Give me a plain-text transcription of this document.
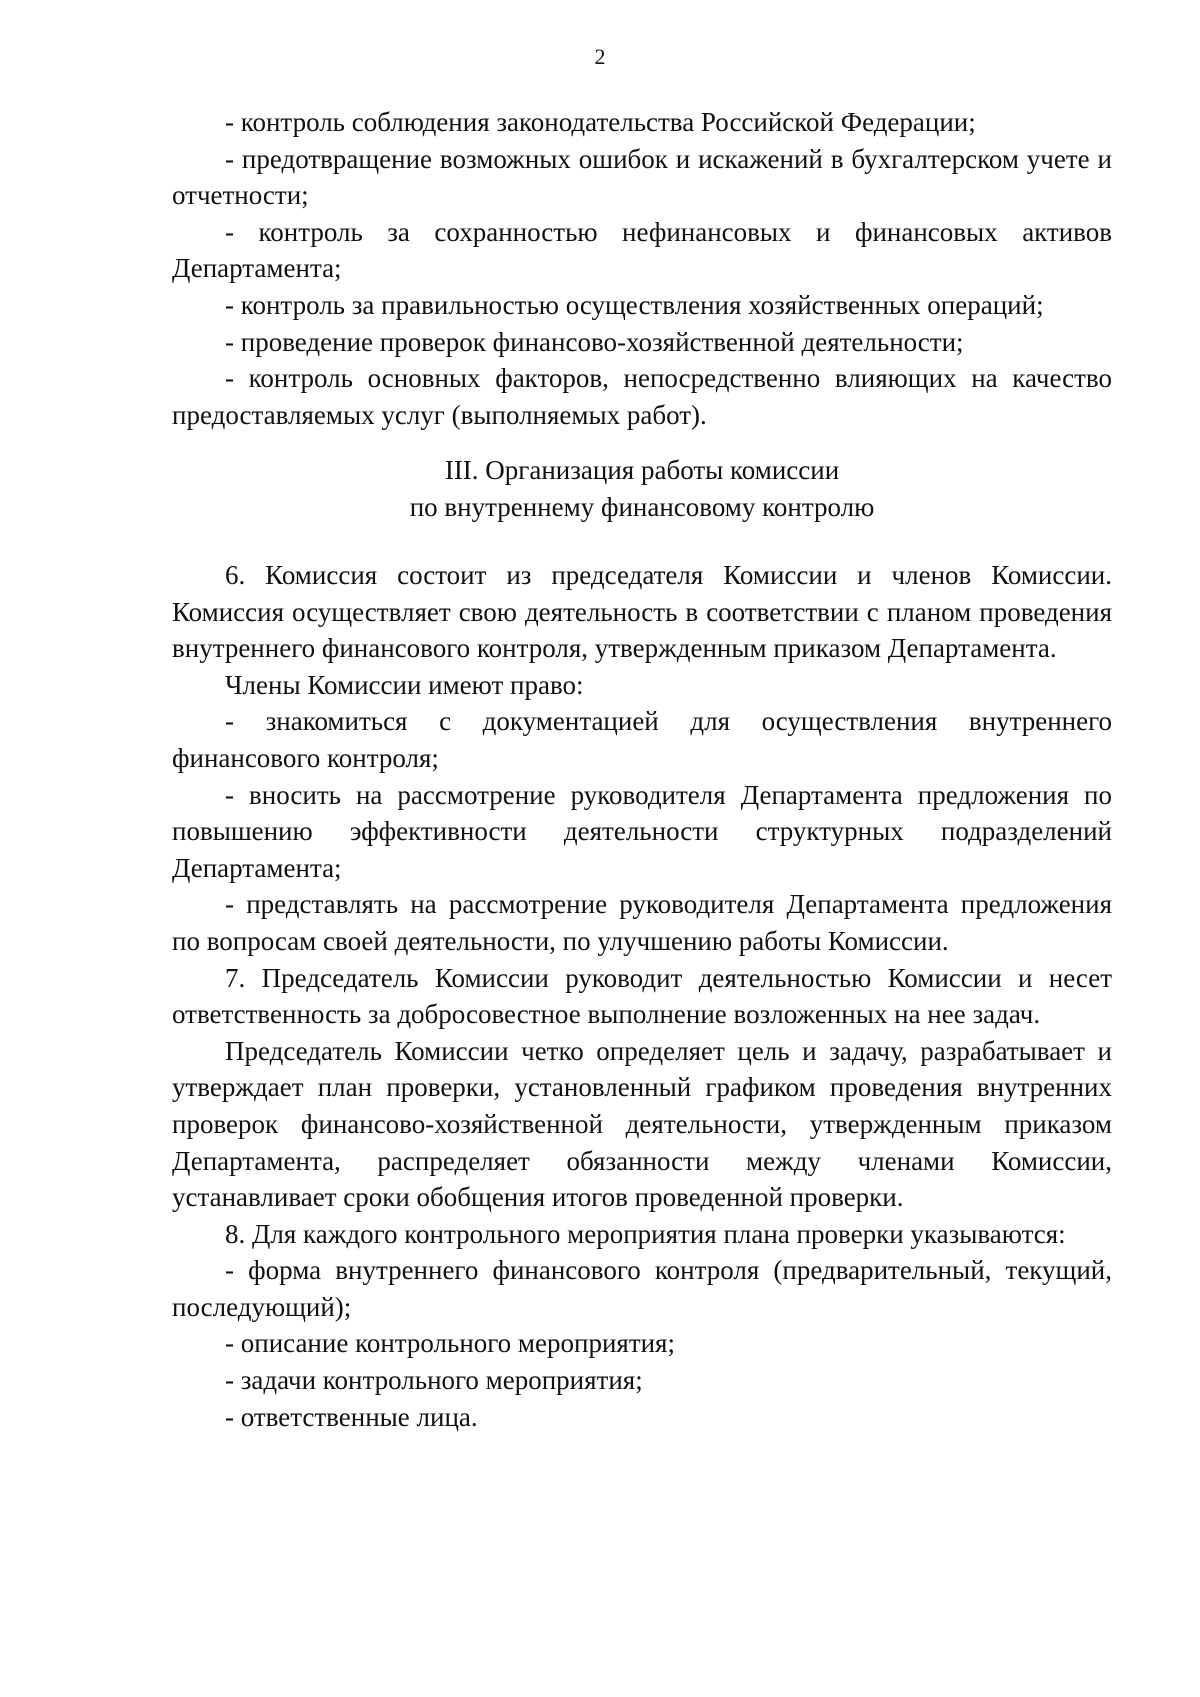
2

- контроль соблюдения законодательства Российской Федерации;

- предотвращение возможных ошибок и искажений в бухгалтерском учете и отчетности;

- контроль за сохранностью нефинансовых и финансовых активов Департамента;

- контроль за правильностью осуществления хозяйственных операций;

- проведение проверок финансово-хозяйственной деятельности;

- контроль основных факторов, непосредственно влияющих на качество предоставляемых услуг (выполняемых работ).

III. Организация работы комиссии
по внутреннему финансовому контролю

6. Комиссия состоит из председателя Комиссии и членов Комиссии. Комиссия осуществляет свою деятельность в соответствии с планом проведения внутреннего финансового контроля, утвержденным приказом Департамента.

Члены Комиссии имеют право:

- знакомиться с документацией для осуществления внутреннего финансового контроля;

- вносить на рассмотрение руководителя Департамента предложения по повышению эффективности деятельности структурных подразделений Департамента;

- представлять на рассмотрение руководителя Департамента предложения по вопросам своей деятельности, по улучшению работы Комиссии.

7. Председатель Комиссии руководит деятельностью Комиссии и несет ответственность за добросовестное выполнение возложенных на нее задач.

Председатель Комиссии четко определяет цель и задачу, разрабатывает и утверждает план проверки, установленный графиком проведения внутренних проверок финансово-хозяйственной деятельности, утвержденным приказом Департамента, распределяет обязанности между членами Комиссии, устанавливает сроки обобщения итогов проведенной проверки.

8. Для каждого контрольного мероприятия плана проверки указываются:

- форма внутреннего финансового контроля (предварительный, текущий, последующий);

- описание контрольного мероприятия;

- задачи контрольного мероприятия;

- ответственные лица.
